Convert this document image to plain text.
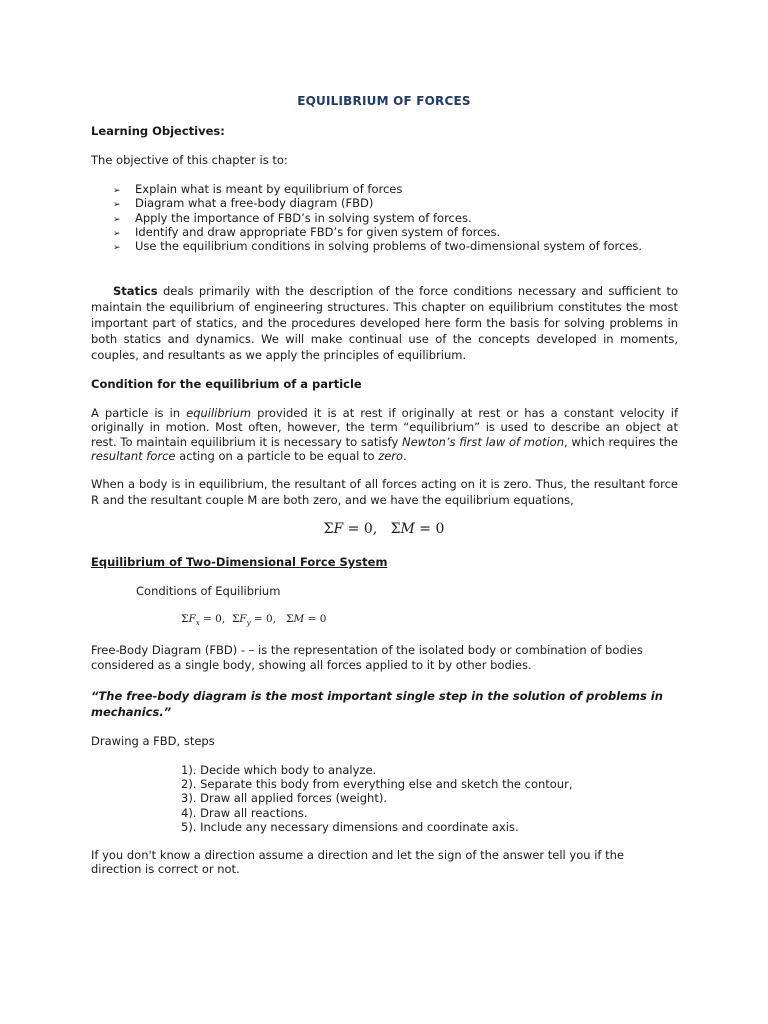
EQUILIBRIUM OF FORCES
Learning Objectives:
The objective of this chapter is to:
➢ Explain what is meant by equilibrium of forces
➢ Diagram what a free-body diagram (FBD)
➢ Apply the importance of FBD’s in solving system of forces.
➢ Identify and draw appropriate FBD’s for given system of forces.
➢ Use the equilibrium conditions in solving problems of two-dimensional system of forces.
Statics deals primarily with the description of the force conditions necessary and sufficient to maintain the equilibrium of engineering structures. This chapter on equilibrium constitutes the most important part of statics, and the procedures developed here form the basis for solving problems in both statics and dynamics. We will make continual use of the concepts developed in moments, couples, and resultants as we apply the principles of equilibrium.
Condition for the equilibrium of a particle
A particle is in equilibrium provided it is at rest if originally at rest or has a constant velocity if originally in motion. Most often, however, the term “equilibrium” is used to describe an object at rest. To maintain equilibrium it is necessary to satisfy Newton’s first law of motion, which requires the resultant force acting on a particle to be equal to zero.
When a body is in equilibrium, the resultant of all forces acting on it is zero. Thus, the resultant force R and the resultant couple M are both zero, and we have the equilibrium equations,
ΣF = 0,   ΣM = 0
Equilibrium of Two-Dimensional Force System
Conditions of Equilibrium
$\Sigma F_x = 0$,  $\Sigma F_y = 0$,   ΣM = 0
Free-Body Diagram (FBD) - – is the representation of the isolated body or combination of bodies considered as a single body, showing all forces applied to it by other bodies.
“The free-body diagram is the most important single step in the solution of problems in mechanics.”
Drawing a FBD, steps
1). Decide which body to analyze.
2). Separate this body from everything else and sketch the contour,
3). Draw all applied forces (weight).
4). Draw all reactions.
5). Include any necessary dimensions and coordinate axis.
If you don't know a direction assume a direction and let the sign of the answer tell you if the direction is correct or not.
